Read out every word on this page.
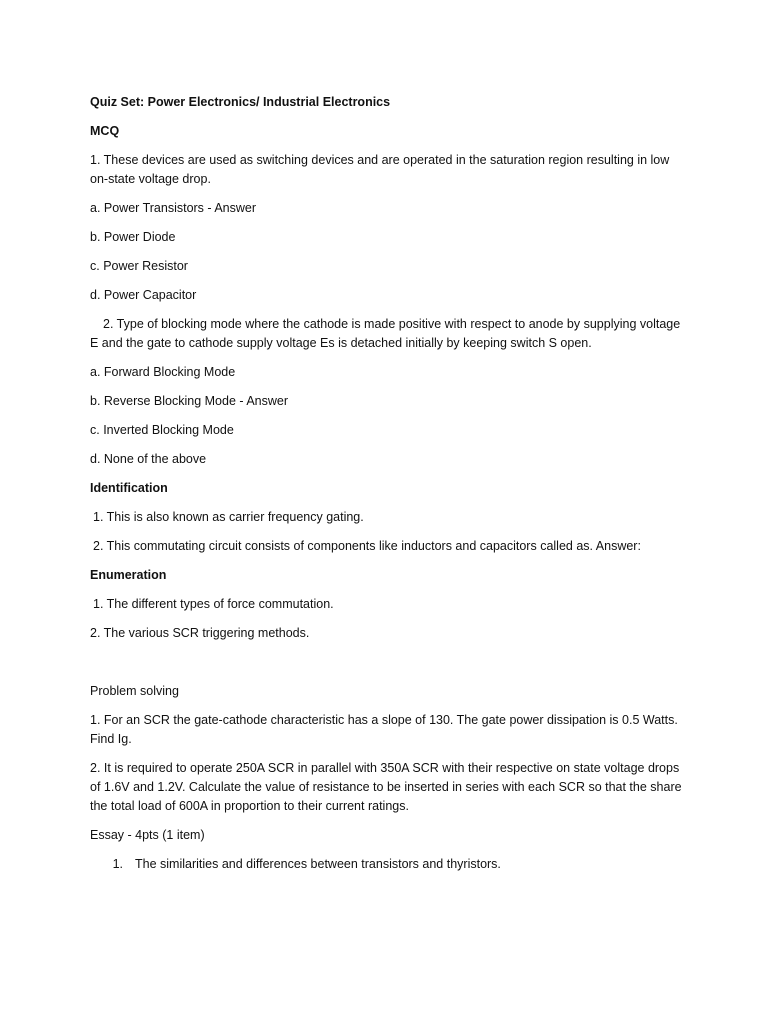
Quiz Set: Power Electronics/ Industrial Electronics

MCQ

1. These devices are used as switching devices and are operated in the saturation region resulting in low on-state voltage drop.

a. Power Transistors - Answer

b. Power Diode

c. Power Resistor

d. Power Capacitor

2. Type of blocking mode where the cathode is made positive with respect to anode by supplying voltage E and the gate to cathode supply voltage Es is detached initially by keeping switch S open.

a. Forward Blocking Mode

b. Reverse Blocking Mode - Answer

c. Inverted Blocking Mode

d. None of the above

Identification

1. This is also known as carrier frequency gating.

2. This commutating circuit consists of components like inductors and capacitors called as. Answer:

Enumeration

1. The different types of force commutation.

2. The various SCR triggering methods.

Problem solving

1. For an SCR the gate-cathode characteristic has a slope of 130. The gate power dissipation is 0.5 Watts. Find Ig.

2. It is required to operate 250A SCR in parallel with 350A SCR with their respective on state voltage drops of 1.6V and 1.2V. Calculate the value of resistance to be inserted in series with each SCR so that the share the total load of 600A in proportion to their current ratings.

Essay - 4pts (1 item)

1. The similarities and differences between transistors and thyristors.
